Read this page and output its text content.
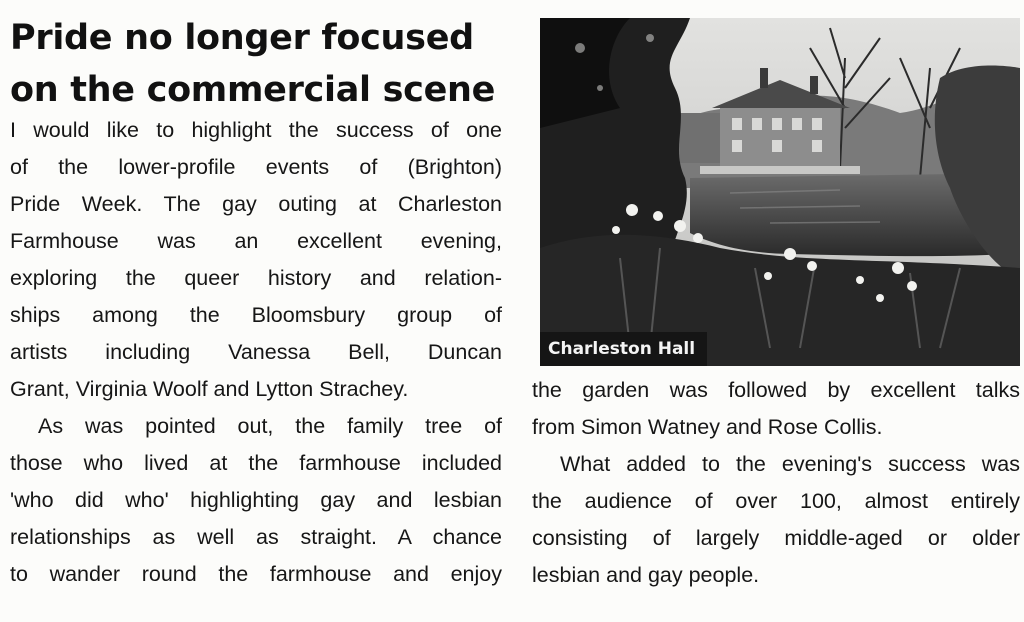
Pride no longer focused
on the commercial scene

I would like to highlight the success of one
of the lower-profile events of (Brighton)
Pride Week. The gay outing at Charleston
Farmhouse was an excellent evening,
exploring the queer history and relation-
ships among the Bloomsbury group of
artists including Vanessa Bell, Duncan
Grant, Virginia Woolf and Lytton Strachey.

As was pointed out, the family tree of
those who lived at the farmhouse included
'who did who' highlighting gay and lesbian
relationships as well as straight. A chance
to wander round the farmhouse and enjoy

Charleston Hall

the garden was followed by excellent talks
from Simon Watney and Rose Collis.

What added to the evening's success was
the audience of over 100, almost entirely
consisting of largely middle-aged or older
lesbian and gay people.
